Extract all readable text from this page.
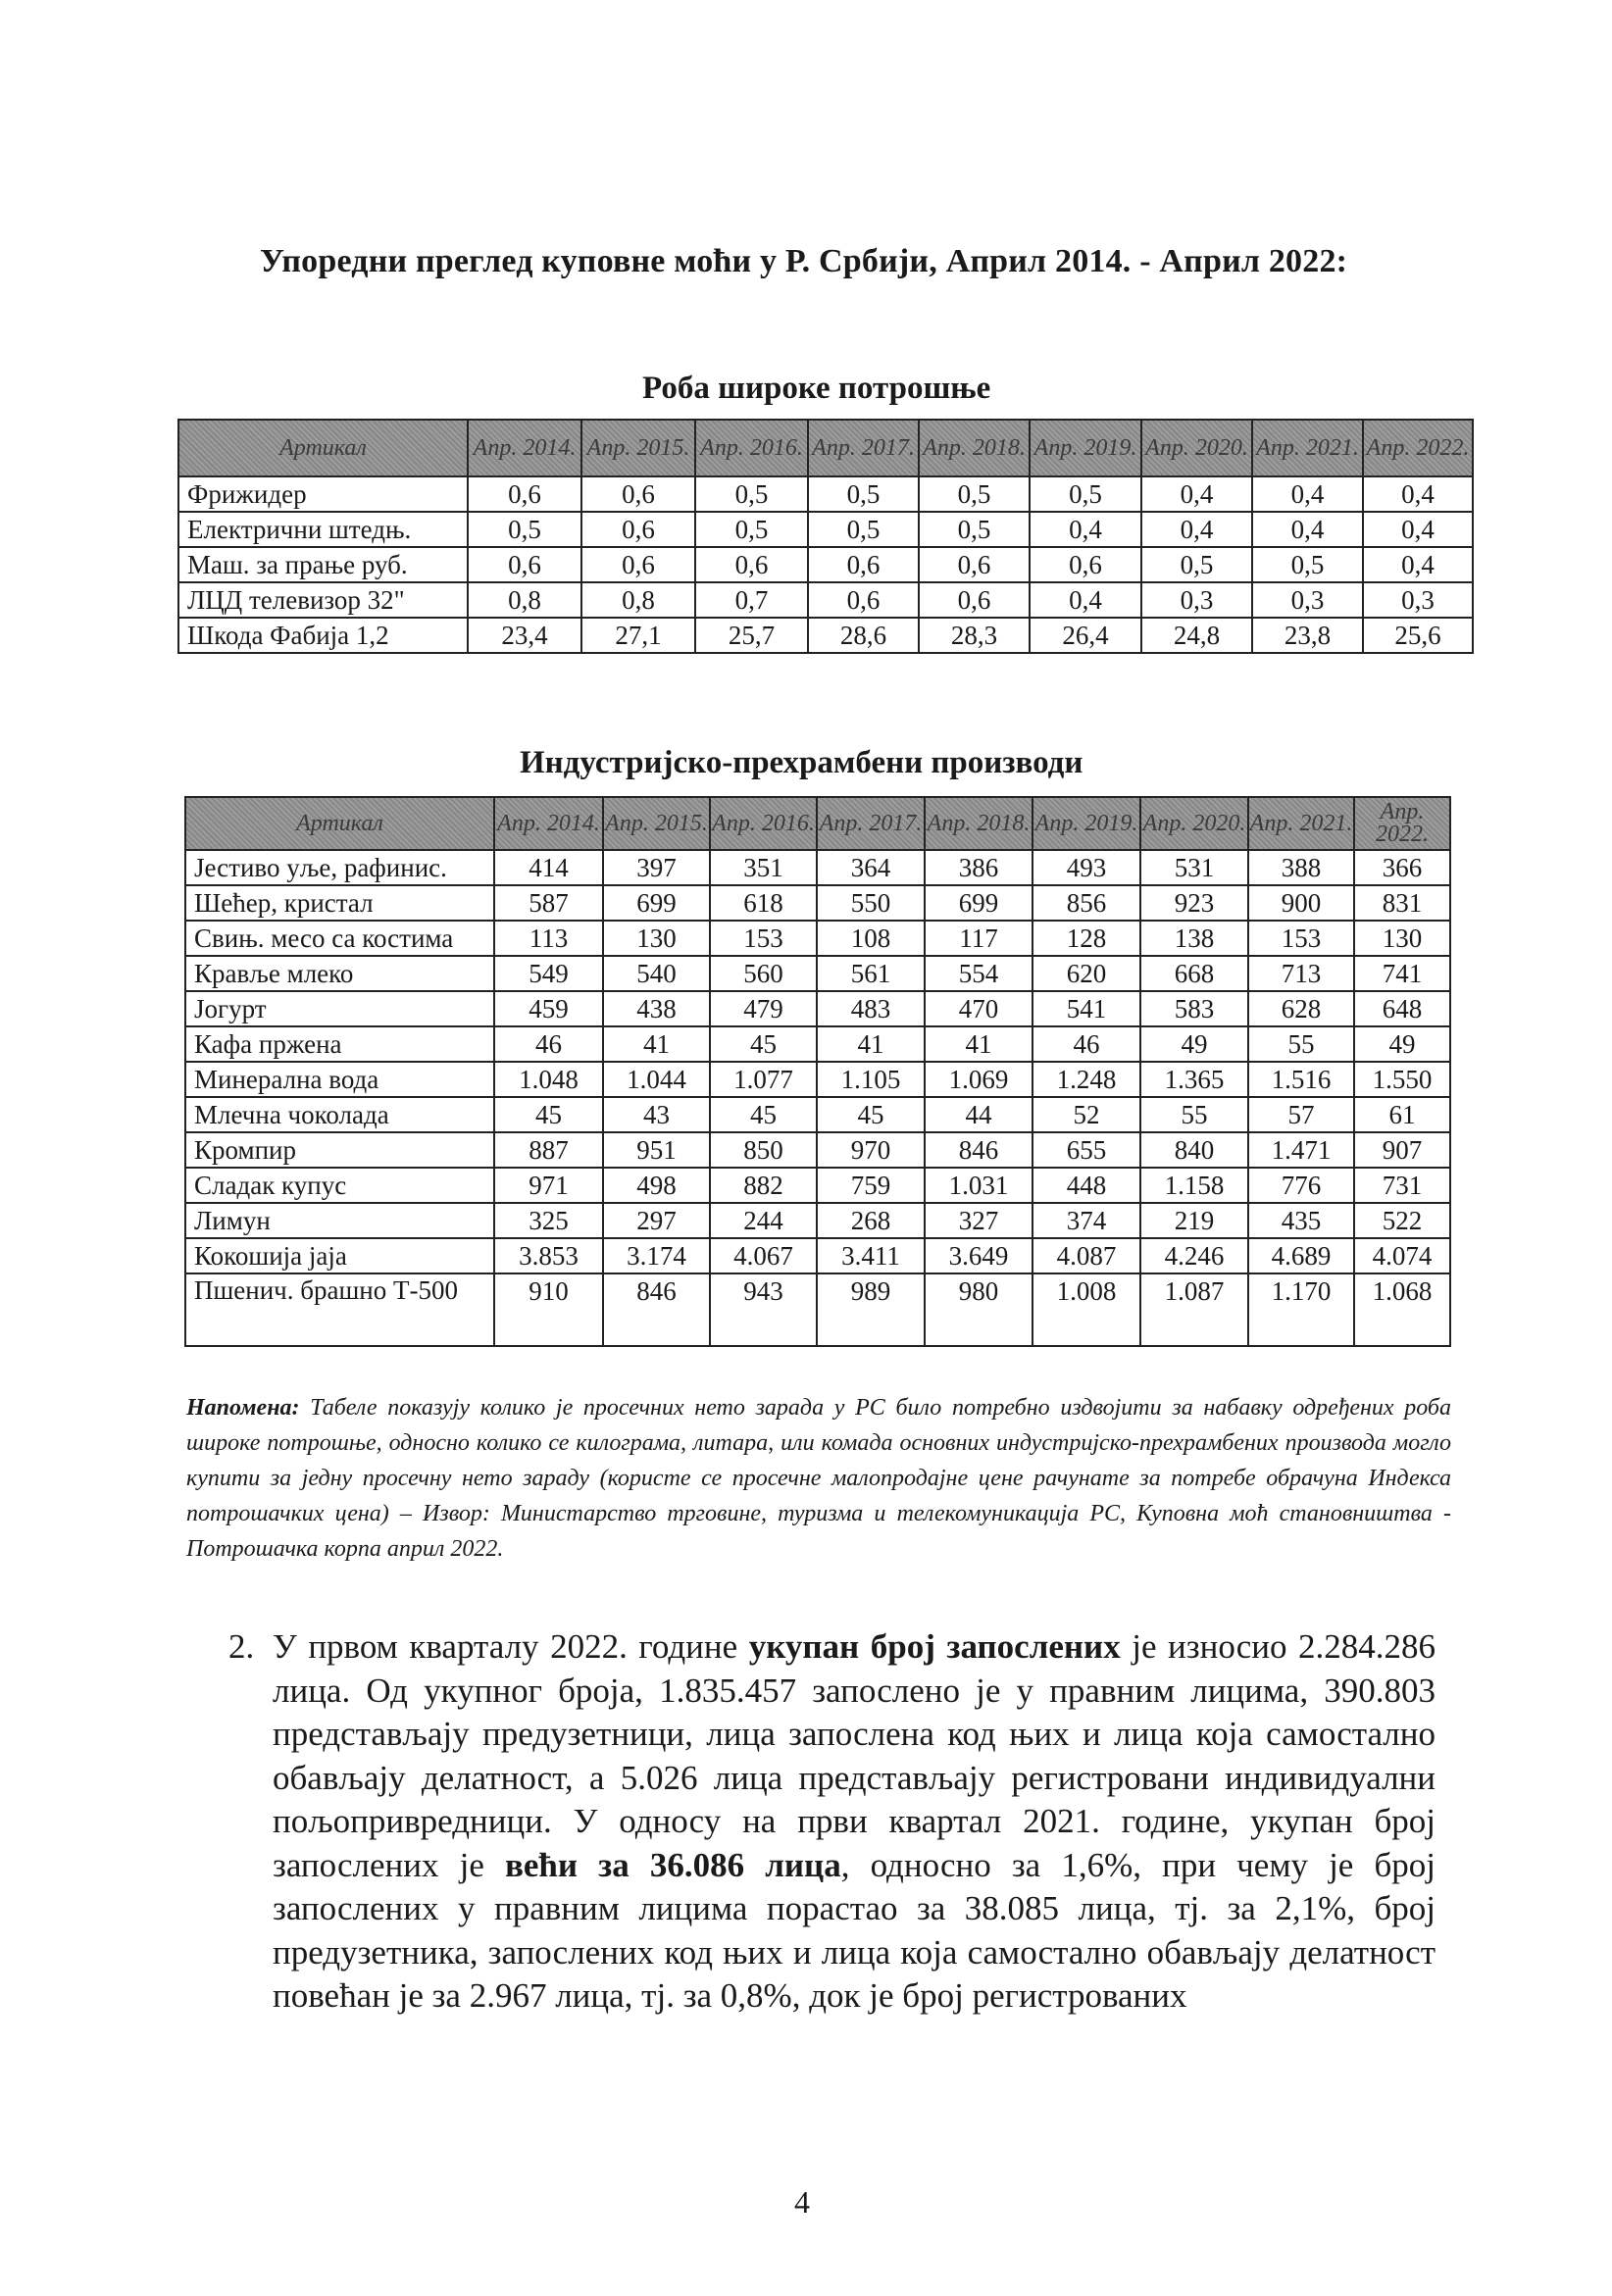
Упоредни преглед куповне моћи у Р. Србији, Април 2014. - Април 2022:
Роба широке потрошње
Артикал	Апр. 2014.	Апр. 2015.	Апр. 2016.	Апр. 2017.	Апр. 2018.	Апр. 2019.	Апр. 2020.	Апр. 2021.	Апр. 2022.
Фрижидер	0,6	0,6	0,5	0,5	0,5	0,5	0,4	0,4	0,4
Електрични штедњ.	0,5	0,6	0,5	0,5	0,5	0,4	0,4	0,4	0,4
Маш. за прање руб.	0,6	0,6	0,6	0,6	0,6	0,6	0,5	0,5	0,4
ЛЦД телевизор 32"	0,8	0,8	0,7	0,6	0,6	0,4	0,3	0,3	0,3
Шкода Фабија 1,2	23,4	27,1	25,7	28,6	28,3	26,4	24,8	23,8	25,6
Индустријско-прехрамбени производи
Артикал	Апр. 2014.	Апр. 2015.	Апр. 2016.	Апр. 2017.	Апр. 2018.	Апр. 2019.	Апр. 2020.	Апр. 2021.	Апр. 2022.
Јестиво уље, рафинис.	414	397	351	364	386	493	531	388	366
Шећер, кристал	587	699	618	550	699	856	923	900	831
Свињ. месо са костима	113	130	153	108	117	128	138	153	130
Крављe млеко	549	540	560	561	554	620	668	713	741
Јогурт	459	438	479	483	470	541	583	628	648
Кафа пржена	46	41	45	41	41	46	49	55	49
Минерална вода	1.048	1.044	1.077	1.105	1.069	1.248	1.365	1.516	1.550
Млечна чоколада	45	43	45	45	44	52	55	57	61
Кромпир	887	951	850	970	846	655	840	1.471	907
Сладак купус	971	498	882	759	1.031	448	1.158	776	731
Лимун	325	297	244	268	327	374	219	435	522
Кокошија јаја	3.853	3.174	4.067	3.411	3.649	4.087	4.246	4.689	4.074
Пшенич. брашно Т-500	910	846	943	989	980	1.008	1.087	1.170	1.068
Напомена: Табеле показују колико је просечних нето зарада у РС било потребно издвојити за набавку одређених роба широке потрошње, односно колико се килограма, литара, или комада основних индустријско-прехрамбених производа могло купити за једну просечну нето зараду (користе се просечне малопродајне цене рачунате за потребе обрачуна Индекса потрошачких цена) – Извор: Министарство трговине, туризма и телекомуникација РС, Куповна моћ становништва - Потрошачка корпа април 2022.
2. У првом кварталу 2022. године укупан број запослених је износио 2.284.286 лица. Од укупног броја, 1.835.457 запослено је у правним лицима, 390.803 представљају предузетници, лица запослена код њих и лица која самостално обављају делатност, а 5.026 лица представљају регистровани индивидуални пољопривредници. У односу на први квартал 2021. године, укупан број запослених је већи за 36.086 лица, односно за 1,6%, при чему је број запослених у правним лицима порастао за 38.085 лица, тј. за 2,1%, број предузетника, запослених код њих и лица која самостално обављају делатност повећан је за 2.967 лица, тј. за 0,8%, док је број регистрованих
4
